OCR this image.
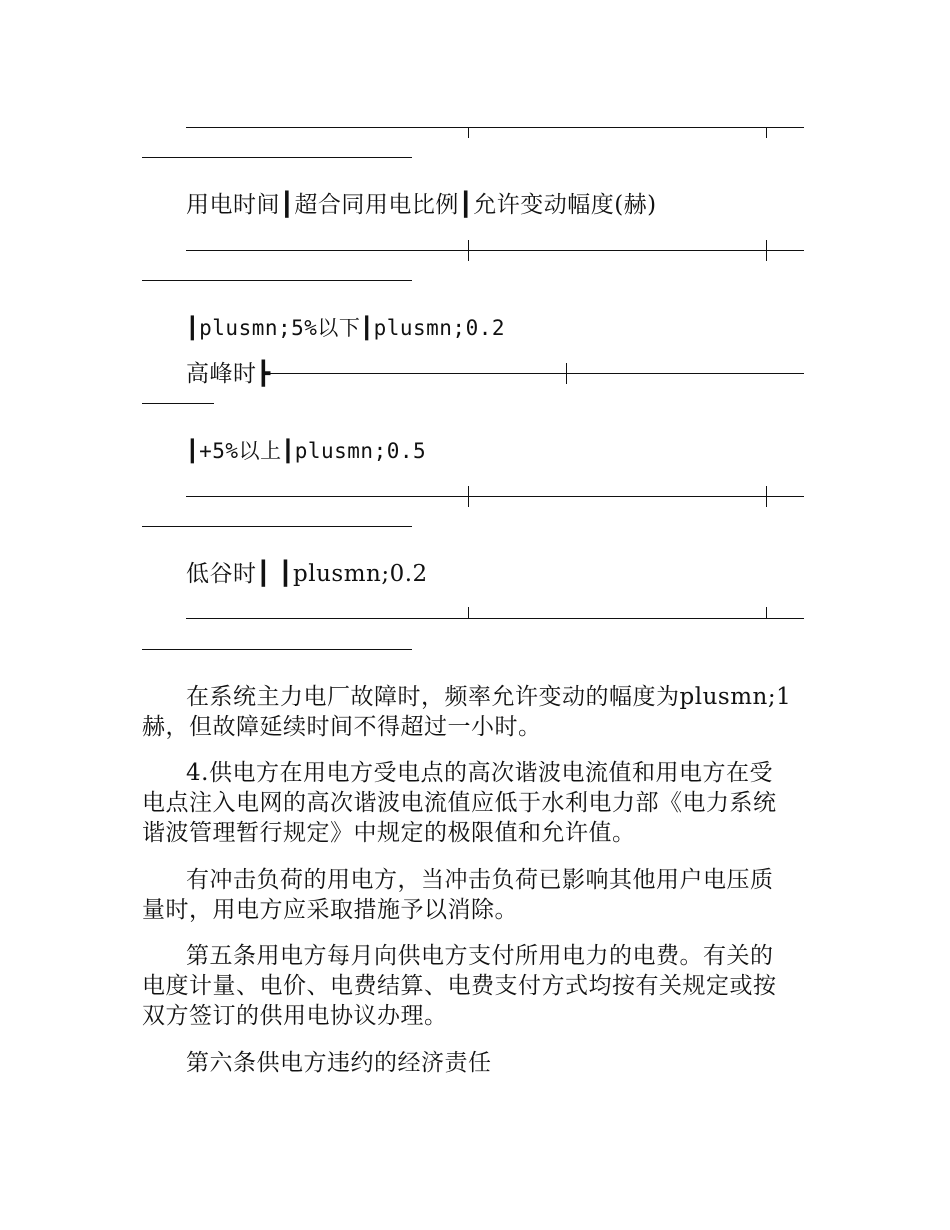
用电时间┃超合同用电比例┃允许变动幅度(赫)
┃plusmn;5%以下┃plusmn;0.2
高峰时┣
┃+5%以上┃plusmn;0.5
低谷时┃ ┃plusmn;0.2
在系统主力电厂故障时，频率允许变动的幅度为plusmn;1
赫，但故障延续时间不得超过一小时。
4.供电方在用电方受电点的高次谐波电流值和用电方在受
电点注入电网的高次谐波电流值应低于水利电力部《电力系统
谐波管理暂行规定》中规定的极限值和允许值。
有冲击负荷的用电方，当冲击负荷已影响其他用户电压质
量时，用电方应采取措施予以消除。
第五条用电方每月向供电方支付所用电力的电费。有关的
电度计量、电价、电费结算、电费支付方式均按有关规定或按
双方签订的供用电协议办理。
第六条供电方违约的经济责任
